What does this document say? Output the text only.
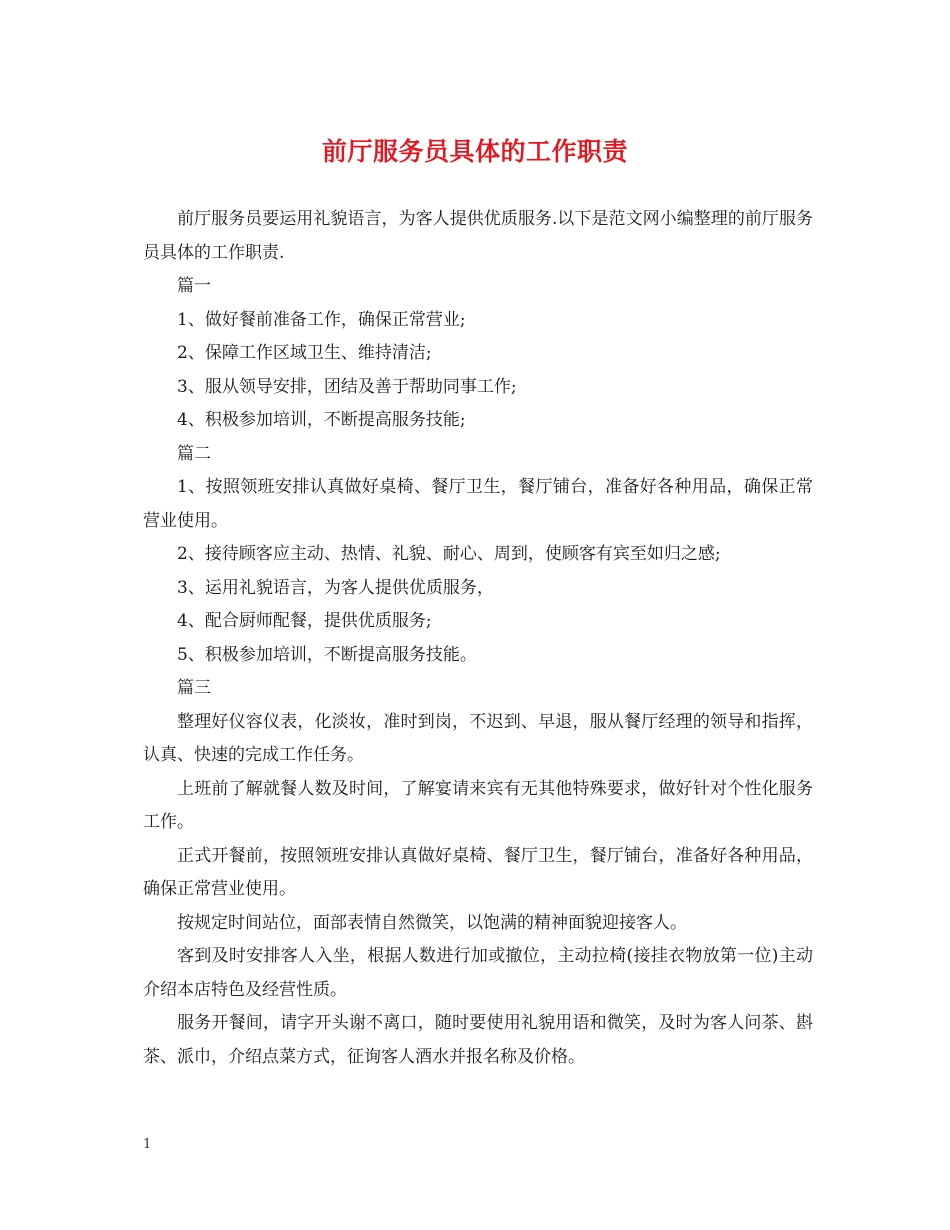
前厅服务员具体的工作职责

前厅服务员要运用礼貌语言，为客人提供优质服务.以下是范文网小编整理的前厅服务员具体的工作职责.

篇一

1、做好餐前准备工作，确保正常营业;

2、保障工作区域卫生、维持清洁;

3、服从领导安排，团结及善于帮助同事工作;

4、积极参加培训，不断提高服务技能;

篇二

1、按照领班安排认真做好桌椅、餐厅卫生，餐厅铺台，准备好各种用品，确保正常营业使用。

2、接待顾客应主动、热情、礼貌、耐心、周到，使顾客有宾至如归之感;

3、运用礼貌语言，为客人提供优质服务，

4、配合厨师配餐，提供优质服务;

5、积极参加培训，不断提高服务技能。

篇三

整理好仪容仪表，化淡妆，准时到岗，不迟到、早退，服从餐厅经理的领导和指挥，认真、快速的完成工作任务。

上班前了解就餐人数及时间，了解宴请来宾有无其他特殊要求，做好针对个性化服务工作。

正式开餐前，按照领班安排认真做好桌椅、餐厅卫生，餐厅铺台，准备好各种用品，确保正常营业使用。

按规定时间站位，面部表情自然微笑，以饱满的精神面貌迎接客人。

客到及时安排客人入坐，根据人数进行加或撤位，主动拉椅(接挂衣物放第一位)主动介绍本店特色及经营性质。

服务开餐间，请字开头谢不离口，随时要使用礼貌用语和微笑，及时为客人问茶、斟茶、派巾，介绍点菜方式，征询客人酒水并报名称及价格。

1
